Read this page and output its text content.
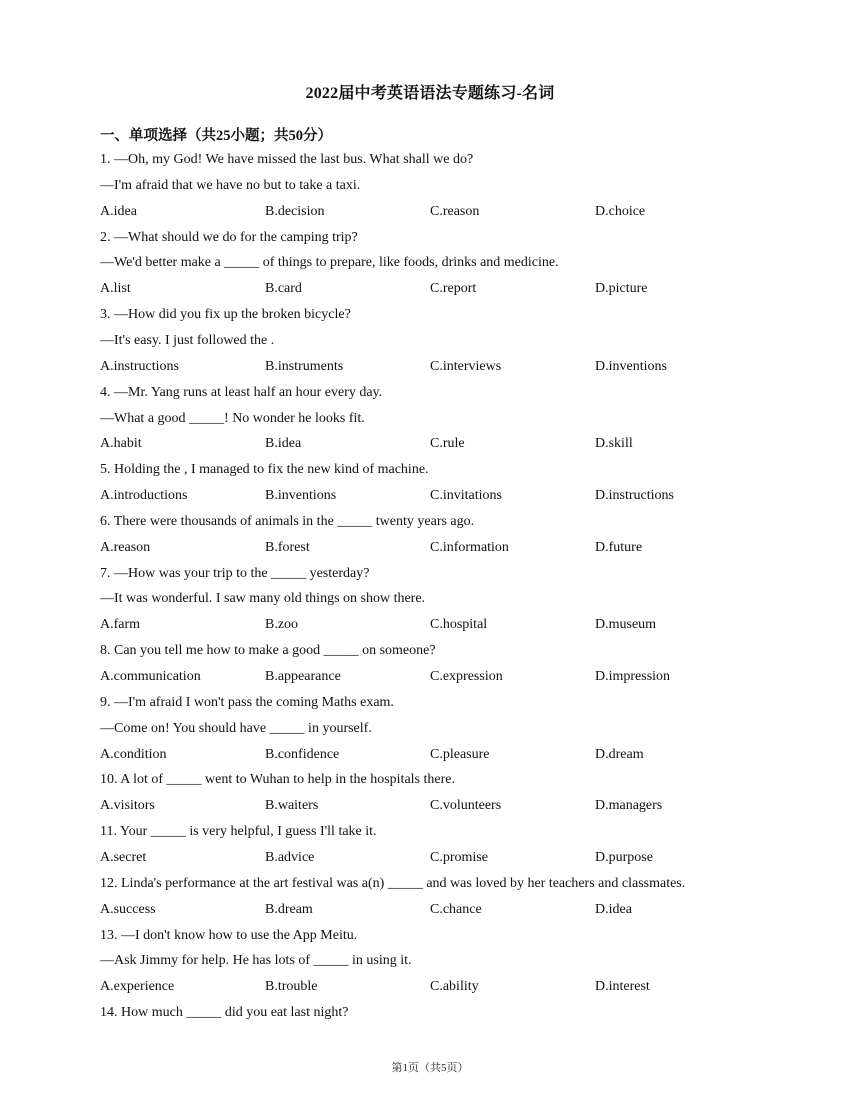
2022届中考英语语法专题练习-名词
一、单项选择（共25小题；共50分）
1. —Oh, my God! We have missed the last bus. What shall we do?
—I'm afraid that we have no but to take a taxi.
A.idea	B.decision	C.reason	D.choice
2. —What should we do for the camping trip?
—We'd better make a _____ of things to prepare, like foods, drinks and medicine.
A.list	B.card	C.report	D.picture
3. —How did you fix up the broken bicycle?
—It's easy. I just followed the .
A.instructions	B.instruments	C.interviews	D.inventions
4. —Mr. Yang runs at least half an hour every day.
—What a good _____! No wonder he looks fit.
A.habit	B.idea	C.rule	D.skill
5. Holding the , I managed to fix the new kind of machine.
A.introductions	B.inventions	C.invitations	D.instructions
6. There were thousands of animals in the _____ twenty years ago.
A.reason	B.forest	C.information	D.future
7. —How was your trip to the _____ yesterday?
—It was wonderful. I saw many old things on show there.
A.farm	B.zoo	C.hospital	D.museum
8. Can you tell me how to make a good _____ on someone?
A.communication	B.appearance	C.expression	D.impression
9. —I'm afraid I won't pass the coming Maths exam.
—Come on! You should have _____ in yourself.
A.condition	B.confidence	C.pleasure	D.dream
10. A lot of _____ went to Wuhan to help in the hospitals there.
A.visitors	B.waiters	C.volunteers	D.managers
11. Your _____ is very helpful, I guess I'll take it.
A.secret	B.advice	C.promise	D.purpose
12. Linda's performance at the art festival was a(n) _____ and was loved by her teachers and classmates.
A.success	B.dream	C.chance	D.idea
13. —I don't know how to use the App Meitu.
—Ask Jimmy for help. He has lots of _____ in using it.
A.experience	B.trouble	C.ability	D.interest
14. How much _____ did you eat last night?
第1页（共5页）
